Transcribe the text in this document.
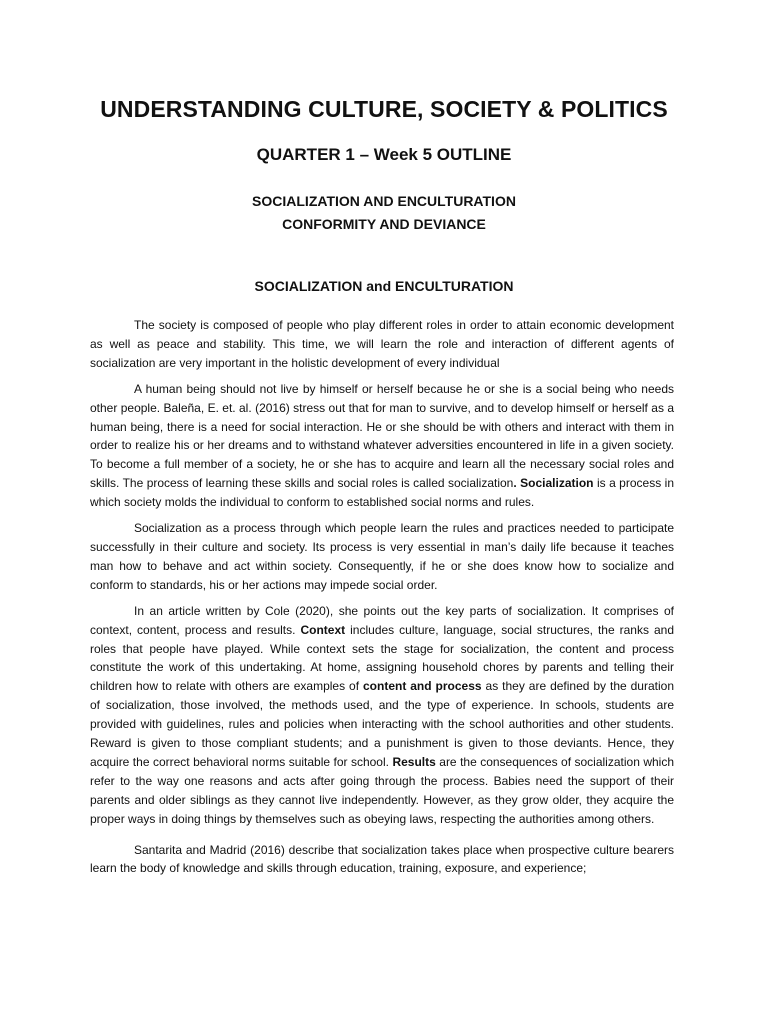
UNDERSTANDING CULTURE, SOCIETY & POLITICS
QUARTER 1 – Week 5 OUTLINE
SOCIALIZATION AND ENCULTURATION
CONFORMITY AND DEVIANCE
SOCIALIZATION and ENCULTURATION

The society is composed of people who play different roles in order to attain economic development as well as peace and stability. This time, we will learn the role and interaction of different agents of socialization are very important in the holistic development of every individual

A human being should not live by himself or herself because he or she is a social being who needs other people. Baleña, E. et. al. (2016) stress out that for man to survive, and to develop himself or herself as a human being, there is a need for social interaction. He or she should be with others and interact with them in order to realize his or her dreams and to withstand whatever adversities encountered in life in a given society. To become a full member of a society, he or she has to acquire and learn all the necessary social roles and skills. The process of learning these skills and social roles is called socialization. Socialization is a process in which society molds the individual to conform to established social norms and rules.

Socialization as a process through which people learn the rules and practices needed to participate successfully in their culture and society. Its process is very essential in man’s daily life because it teaches man how to behave and act within society. Consequently, if he or she does know how to socialize and conform to standards, his or her actions may impede social order.

In an article written by Cole (2020), she points out the key parts of socialization. It comprises of context, content, process and results. Context includes culture, language, social structures, the ranks and roles that people have played. While context sets the stage for socialization, the content and process constitute the work of this undertaking. At home, assigning household chores by parents and telling their children how to relate with others are examples of content and process as they are defined by the duration of socialization, those involved, the methods used, and the type of experience. In schools, students are provided with guidelines, rules and policies when interacting with the school authorities and other students. Reward is given to those compliant students; and a punishment is given to those deviants. Hence, they acquire the correct behavioral norms suitable for school. Results are the consequences of socialization which refer to the way one reasons and acts after going through the process. Babies need the support of their parents and older siblings as they cannot live independently. However, as they grow older, they acquire the proper ways in doing things by themselves such as obeying laws, respecting the authorities among others.

Santarita and Madrid (2016) describe that socialization takes place when prospective culture bearers learn the body of knowledge and skills through education, training, exposure, and experience;
